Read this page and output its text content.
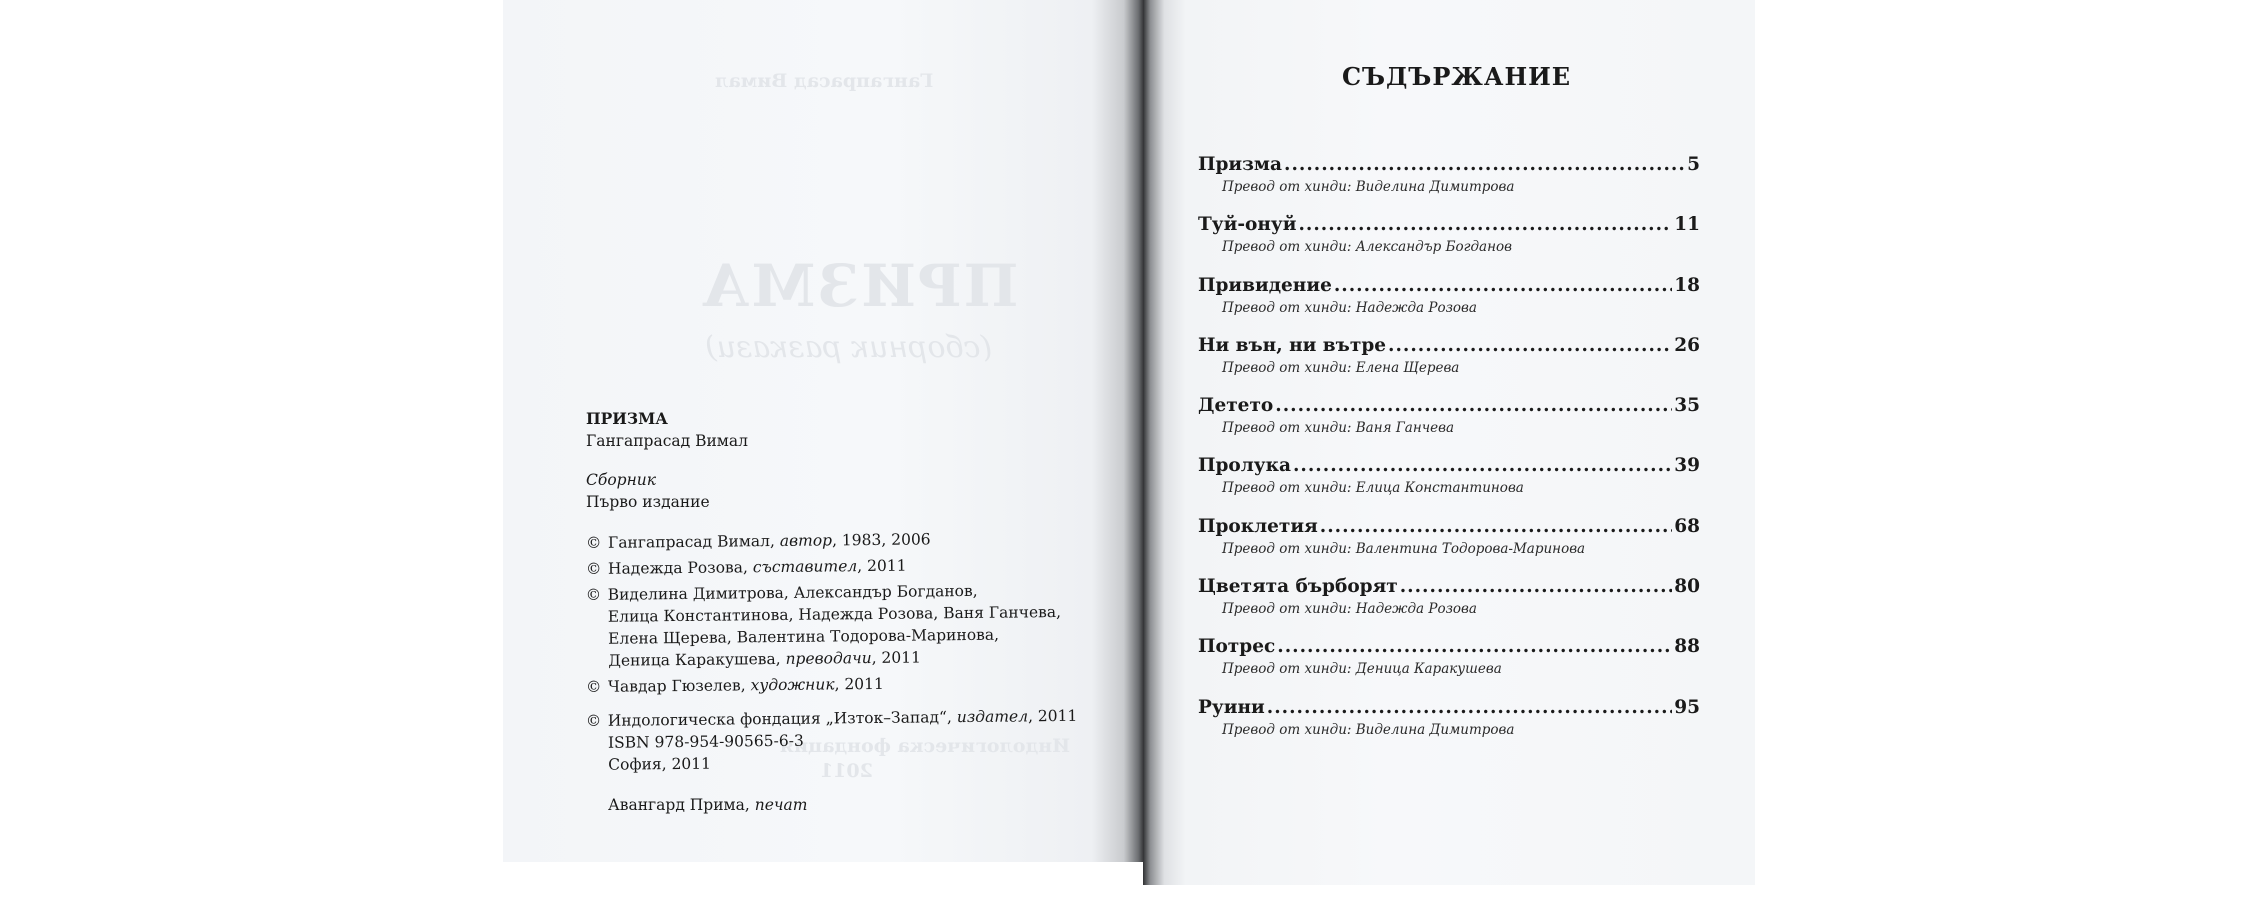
Гангапрасад Вимал
ПРИЗМА
(сборник разкази)
Индологическа фондация
2011
ПРИЗМА
Гангапрасад Вимал
Сборник
Първо издание
© Гангапрасад Вимал, автор, 1983, 2006
© Надежда Розова, съставител, 2011
© Виделина Димитрова, Александър Богданов,
Елица Константинова, Надежда Розова, Ваня Ганчева,
Елена Щерева, Валентина Тодорова-Маринова,
Деница Каракушева, преводачи, 2011
© Чавдар Гюзелев, художник, 2011
© Индологическа фондация „Изток–Запад“, издател, 2011
ISBN 978-954-90565-6-3
София, 2011
Авангард Прима, печат
СЪДЪРЖАНИЕ
Призма .....	5
Превод от хинди: Виделина Димитрова
Туй-онуй .....	11
Превод от хинди: Александър Богданов
Привидение .....	18
Превод от хинди: Надежда Розова
Ни вън, ни вътре .....	26
Превод от хинди: Елена Щерева
Детето .....	35
Превод от хинди: Ваня Ганчева
Пролука .....	39
Превод от хинди: Елица Константинова
Проклетия .....	68
Превод от хинди: Валентина Тодорова-Маринова
Цветята бърборят .....	80
Превод от хинди: Надежда Розова
Потрес .....	88
Превод от хинди: Деница Каракушева
Руини .....	95
Превод от хинди: Виделина Димитрова
